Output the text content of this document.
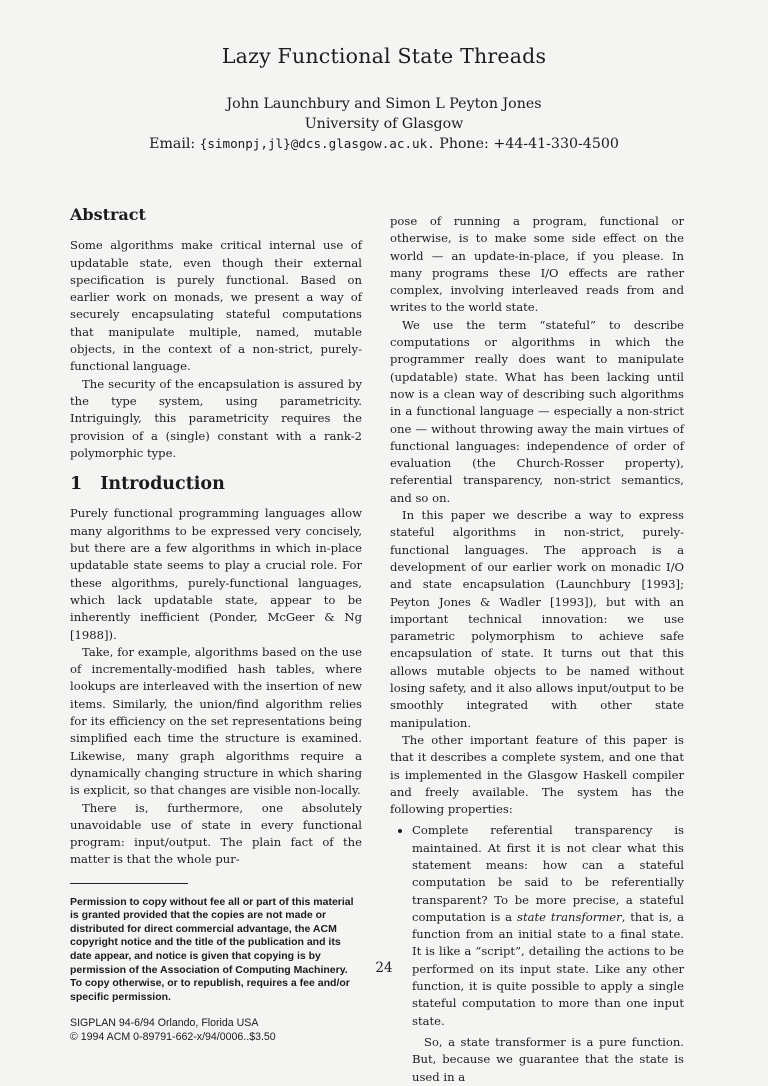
Lazy Functional State Threads
John Launchbury and Simon L Peyton Jones
University of Glasgow
Email: {simonpj,jl}@dcs.glasgow.ac.uk. Phone: +44-41-330-4500
Abstract

Some algorithms make critical internal use of updatable state, even though their external specification is purely functional. Based on earlier work on monads, we present a way of securely encapsulating stateful computations that manipulate multiple, named, mutable objects, in the context of a non-strict, purely-functional language.

The security of the encapsulation is assured by the type system, using parametricity. Intriguingly, this parametricity requires the provision of a (single) constant with a rank-2 polymorphic type.

1 Introduction

Purely functional programming languages allow many algorithms to be expressed very concisely, but there are a few algorithms in which in-place updatable state seems to play a crucial role. For these algorithms, purely-functional languages, which lack updatable state, appear to be inherently inefficient (Ponder, McGeer & Ng [1988]).

Take, for example, algorithms based on the use of incrementally-modified hash tables, where lookups are interleaved with the insertion of new items. Similarly, the union/find algorithm relies for its efficiency on the set representations being simplified each time the structure is examined. Likewise, many graph algorithms require a dynamically changing structure in which sharing is explicit, so that changes are visible non-locally.

There is, furthermore, one absolutely unavoidable use of state in every functional program: input/output. The plain fact of the matter is that the whole pur-

Permission to copy without fee all or part of this material is granted provided that the copies are not made or distributed for direct commercial advantage, the ACM copyright notice and the title of the publication and its date appear, and notice is given that copying is by permission of the Association of Computing Machinery. To copy otherwise, or to republish, requires a fee and/or specific permission.
SIGPLAN 94-6/94 Orlando, Florida USA
© 1994 ACM 0-89791-662-x/94/0006..$3.50

pose of running a program, functional or otherwise, is to make some side effect on the world — an update-in-place, if you please. In many programs these I/O effects are rather complex, involving interleaved reads from and writes to the world state.

We use the term “stateful” to describe computations or algorithms in which the programmer really does want to manipulate (updatable) state. What has been lacking until now is a clean way of describing such algorithms in a functional language — especially a non-strict one — without throwing away the main virtues of functional languages: independence of order of evaluation (the Church-Rosser property), referential transparency, non-strict semantics, and so on.

In this paper we describe a way to express stateful algorithms in non-strict, purely-functional languages. The approach is a development of our earlier work on monadic I/O and state encapsulation (Launchbury [1993]; Peyton Jones & Wadler [1993]), but with an important technical innovation: we use parametric polymorphism to achieve safe encapsulation of state. It turns out that this allows mutable objects to be named without losing safety, and it also allows input/output to be smoothly integrated with other state manipulation.

The other important feature of this paper is that it describes a complete system, and one that is implemented in the Glasgow Haskell compiler and freely available. The system has the following properties:

• Complete referential transparency is maintained. At first it is not clear what this statement means: how can a stateful computation be said to be referentially transparent? To be more precise, a stateful computation is a state transformer, that is, a function from an initial state to a final state. It is like a “script”, detailing the actions to be performed on its input state. Like any other function, it is quite possible to apply a single stateful computation to more than one input state.

So, a state transformer is a pure function. But, because we guarantee that the state is used in a

24
